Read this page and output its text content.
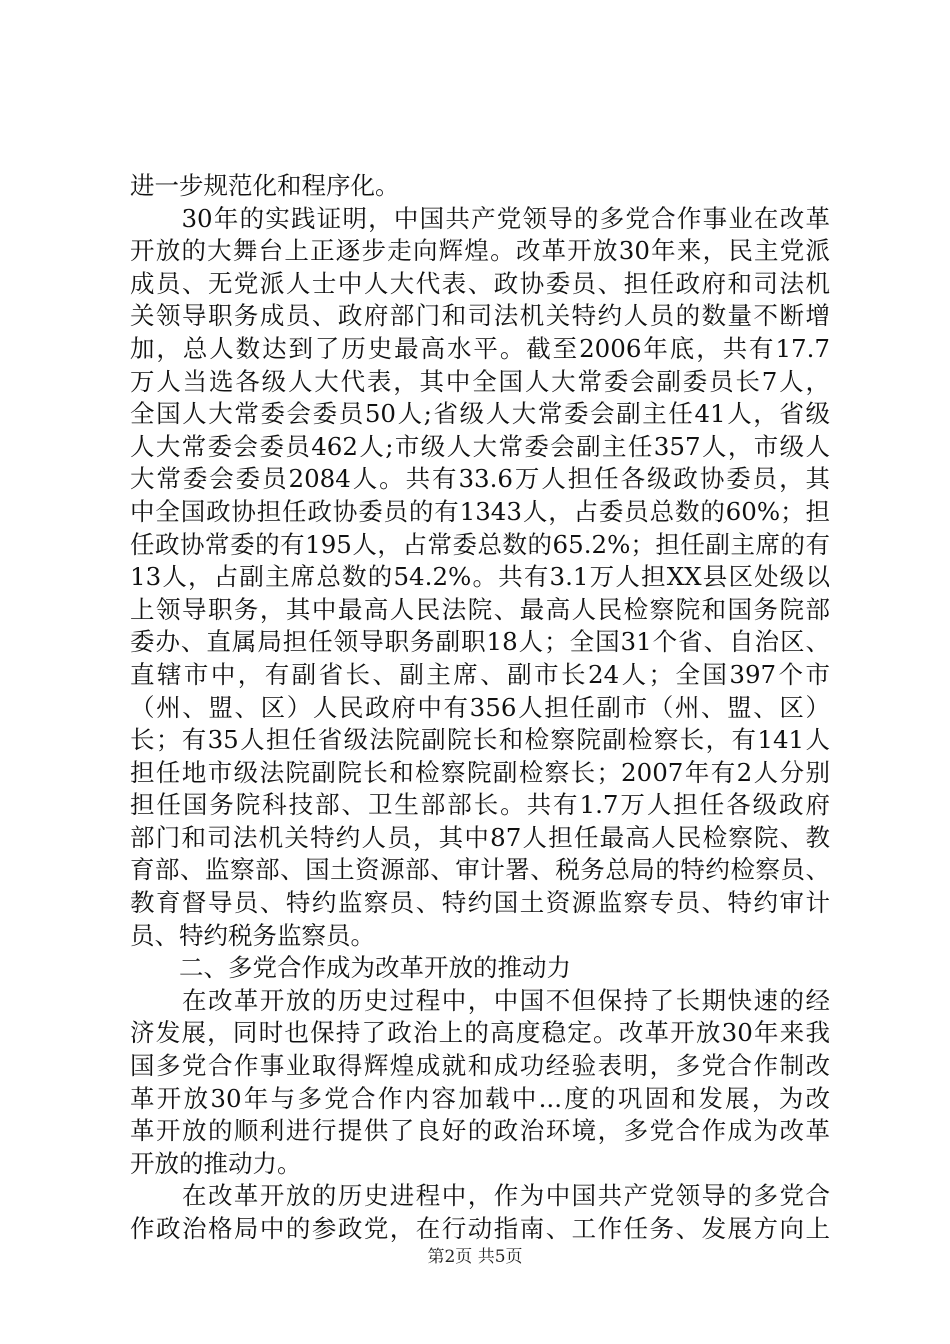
进一步规范化和程序化。
　　30年的实践证明，中国共产党领导的多党合作事业在改革
开放的大舞台上正逐步走向辉煌。改革开放30年来，民主党派
成员、无党派人士中人大代表、政协委员、担任政府和司法机
关领导职务成员、政府部门和司法机关特约人员的数量不断增
加，总人数达到了历史最高水平。截至2006年底，共有17.7
万人当选各级人大代表，其中全国人大常委会副委员长7人，
全国人大常委会委员50人;省级人大常委会副主任41人，省级
人大常委会委员462人;市级人大常委会副主任357人，市级人
大常委会委员2084人。共有33.6万人担任各级政协委员，其
中全国政协担任政协委员的有1343人，占委员总数的60%；担
任政协常委的有195人，占常委总数的65.2%；担任副主席的有
13人，占副主席总数的54.2%。共有3.1万人担XX县区处级以
上领导职务，其中最高人民法院、最高人民检察院和国务院部
委办、直属局担任领导职务副职18人；全国31个省、自治区、
直辖市中，有副省长、副主席、副市长24人；全国397个市
（州、盟、区）人民政府中有356人担任副市（州、盟、区）
长；有35人担任省级法院副院长和检察院副检察长，有141人
担任地市级法院副院长和检察院副检察长；2007年有2人分别
担任国务院科技部、卫生部部长。共有1.7万人担任各级政府
部门和司法机关特约人员，其中87人担任最高人民检察院、教
育部、监察部、国土资源部、审计署、税务总局的特约检察员、
教育督导员、特约监察员、特约国土资源监察专员、特约审计
员、特约税务监察员。
　　二、多党合作成为改革开放的推动力
　　在改革开放的历史过程中，中国不但保持了长期快速的经
济发展，同时也保持了政治上的高度稳定。改革开放30年来我
国多党合作事业取得辉煌成就和成功经验表明，多党合作制改
革开放30年与多党合作内容加载中...度的巩固和发展，为改
革开放的顺利进行提供了良好的政治环境，多党合作成为改革
开放的推动力。
　　在改革开放的历史进程中，作为中国共产党领导的多党合
作政治格局中的参政党，在行动指南、工作任务、发展方向上
第2页 共5页
